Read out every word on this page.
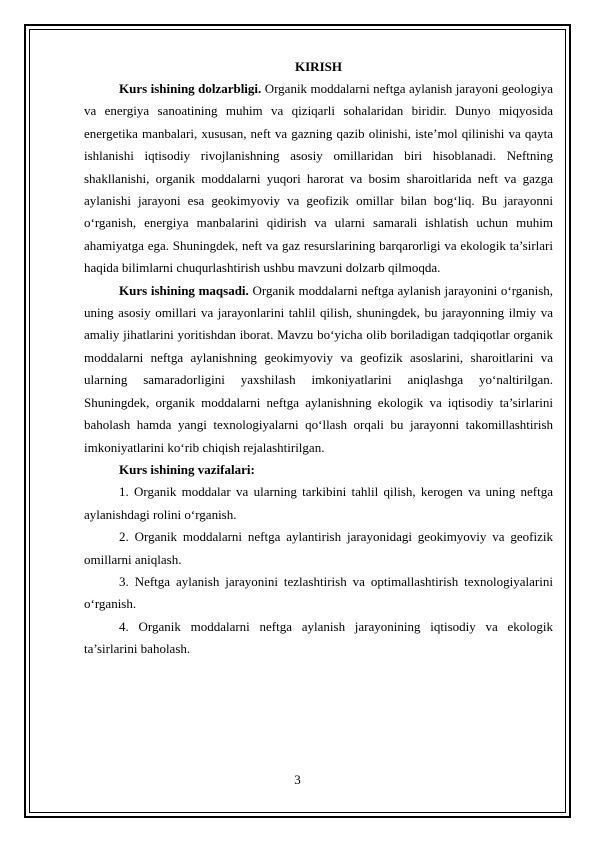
KIRISH

Kurs ishining dolzarbligi. Organik moddalarni neftga aylanish jarayoni geologiya va energiya sanoatining muhim va qiziqarli sohalaridan biridir. Dunyo miqyosida energetika manbalari, xususan, neft va gazning qazib olinishi, iste’mol qilinishi va qayta ishlanishi iqtisodiy rivojlanishning asosiy omillaridan biri hisoblanadi. Neftning shakllanishi, organik moddalarni yuqori harorat va bosim sharoitlarida neft va gazga aylanishi jarayoni esa geokimyoviy va geofizik omillar bilan bog‘liq. Bu jarayonni o‘rganish, energiya manbalarini qidirish va ularni samarali ishlatish uchun muhim ahamiyatga ega. Shuningdek, neft va gaz resurslarining barqarorligi va ekologik ta’sirlari haqida bilimlarni chuqurlashtirish ushbu mavzuni dolzarb qilmoqda.

Kurs ishining maqsadi. Organik moddalarni neftga aylanish jarayonini o‘rganish, uning asosiy omillari va jarayonlarini tahlil qilish, shuningdek, bu jarayonning ilmiy va amaliy jihatlarini yoritishdan iborat. Mavzu bo‘yicha olib boriladigan tadqiqotlar organik moddalarni neftga aylanishning geokimyoviy va geofizik asoslarini, sharoitlarini va ularning samaradorligini yaxshilash imkoniyatlarini aniqlashga yo‘naltirilgan. Shuningdek, organik moddalarni neftga aylanishning ekologik va iqtisodiy ta’sirlarini baholash hamda yangi texnologiyalarni qo‘llash orqali bu jarayonni takomillashtirish imkoniyatlarini ko‘rib chiqish rejalashtirilgan.

Kurs ishining vazifalari:

1. Organik moddalar va ularning tarkibini tahlil qilish, kerogen va uning neftga aylanishdagi rolini o‘rganish.

2. Organik moddalarni neftga aylantirish jarayonidagi geokimyoviy va geofizik omillarni aniqlash.

3. Neftga aylanish jarayonini tezlashtirish va optimallashtirish texnologiyalarini o‘rganish.

4. Organik moddalarni neftga aylanish jarayonining iqtisodiy va ekologik ta’sirlarini baholash.

3
